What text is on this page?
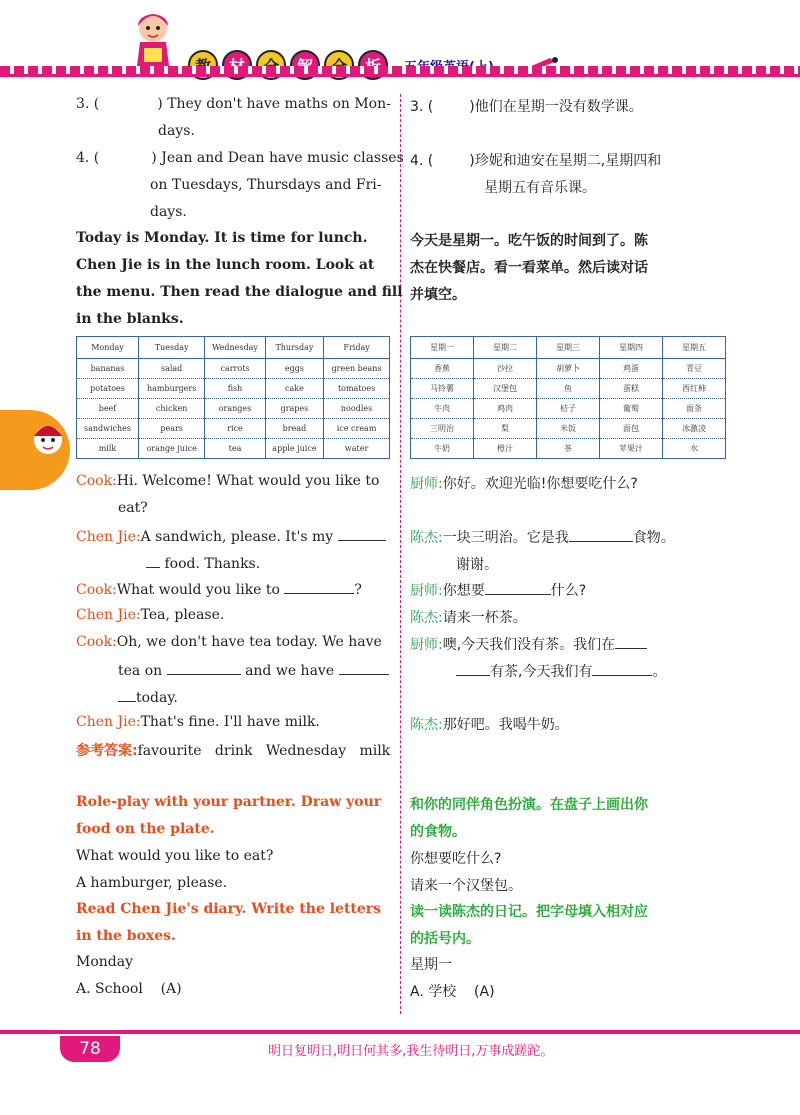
3. (	) They don't have maths on Mon-
days.
4. (	) Jean and Dean have music classes
on Tuesdays, Thursdays and Fri-
days.
3. (	)他们在星期一没有数学课。
4. (	)珍妮和迪安在星期二,星期四和
星期五有音乐课。
Today is Monday. It is time for lunch.
Chen Jie is in the lunch room. Look at
the menu. Then read the dialogue and fill
in the blanks.
今天是星期一。吃午饭的时间到了。陈
杰在快餐店。看一看菜单。然后读对话
并填空。
Monday	Tuesday	Wednesday	Thursday	Friday
bananas	salad	carrots	eggs	green beans
potatoes	hamburgers	fish	cake	tomatoes
beef	chicken	oranges	grapes	noodles
sandwiches	pears	rice	bread	ice cream
milk	orange juice	tea	apple juice	water
星期一	星期二	星期三	星期四	星期五
香蕉	沙拉	胡萝卜	鸡蛋	青豆
马铃薯	汉堡包	鱼	蛋糕	西红柿
牛肉	鸡肉	桔子	葡萄	面条
三明治	梨	米饭	面包	冰激凌
牛奶	橙汁	茶	苹果汁	水
Cook:Hi. Welcome! What would you like to
eat?
Chen Jie:A sandwich, please. It's my
food. Thanks.
Cook:What would you like to	?
Chen Jie:Tea, please.
Cook:Oh, we don't have tea today. We have
tea on	and we have
today.
Chen Jie:That's fine. I'll have milk.
厨师:你好。欢迎光临!你想要吃什么?
陈杰:一块三明治。它是我	食物。
谢谢。
厨师:你想要	什么?
陈杰:请来一杯茶。
厨师:噢,今天我们没有茶。我们在
有茶,今天我们有	。
陈杰:那好吧。我喝牛奶。
参考答案:favourite   drink   Wednesday   milk
Role-play with your partner. Draw your
food on the plate.
What would you like to eat?
A hamburger, please.
和你的同伴角色扮演。在盘子上画出你
的食物。
你想要吃什么?
请来一个汉堡包。
Read Chen Jie's diary. Write the letters
in the boxes.
Monday
A. School    (A)
读一读陈杰的日记。把字母填入相对应
的括号内。
星期一
A. 学校    (A)
78	明日复明日,明日何其多,我生待明日,万事成蹉跎。
